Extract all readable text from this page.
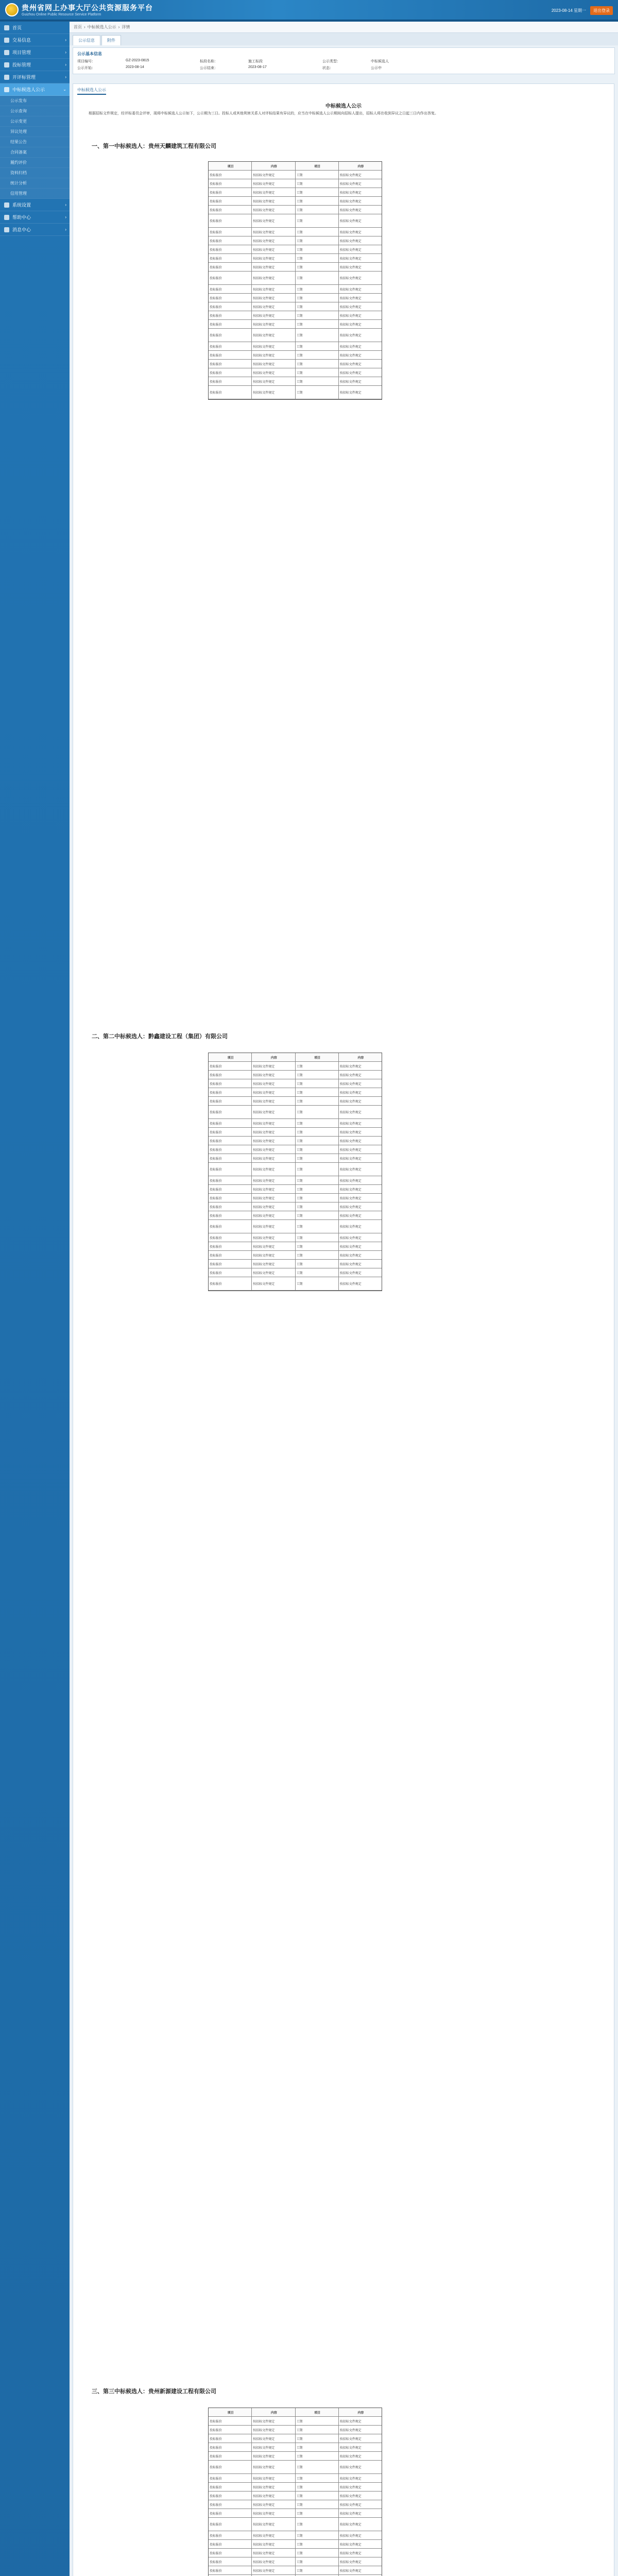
贵州省网上办事大厅公共资源服务平台
Guizhou Online Public Resource Service Platform
2023-08-14 星期一	退出登录
首页
交易信息	›
项目管理	›
投标管理	›
开评标管理	›
中标候选人公示	⌄
公示发布
公示查询
公示变更
异议处理
结果公告
合同备案
履约评价
资料归档
统计分析
信用管理
系统设置	›
帮助中心	›
消息中心	›
首页 › 中标候选人公示 › 详情
公示信息	附件
公示基本信息
项目编号：	GZ-2023-0815	标段名称：	施工标段	公示类型：	中标候选人
公示开始：	2023-08-14	公示结束：	2023-08-17	状态：	公示中
中标候选人公示
中标候选人公示
根据招标文件规定，经评标委员会评审，现将中标候选人公示如下，公示期为三日。投标人或其他利害关系人对评标结果有异议的，应当在中标候选人公示期间向招标人提出，招标人将在收到异议之日起三日内作出答复。
一、第一中标候选人：贵州天麟建筑工程有限公司
二、第二中标候选人：黔鑫建设工程（集团）有限公司
三、第三中标候选人：贵州新源建设工程有限公司
项目	内容	项目	内容
投标报价	按招标文件规定	工期	按招标文件规定
投标报价	按招标文件规定	工期	按招标文件规定
投标报价	按招标文件规定	工期	按招标文件规定
投标报价	按招标文件规定	工期	按招标文件规定
投标报价	按招标文件规定	工期	按招标文件规定
投标报价	按招标文件规定	工期	按招标文件规定
投标报价	按招标文件规定	工期	按招标文件规定
投标报价	按招标文件规定	工期	按招标文件规定
投标报价	按招标文件规定	工期	按招标文件规定
投标报价	按招标文件规定	工期	按招标文件规定
投标报价	按招标文件规定	工期	按招标文件规定
投标报价	按招标文件规定	工期	按招标文件规定
投标报价	按招标文件规定	工期	按招标文件规定
投标报价	按招标文件规定	工期	按招标文件规定
投标报价	按招标文件规定	工期	按招标文件规定
投标报价	按招标文件规定	工期	按招标文件规定
投标报价	按招标文件规定	工期	按招标文件规定
投标报价	按招标文件规定	工期	按招标文件规定
投标报价	按招标文件规定	工期	按招标文件规定
投标报价	按招标文件规定	工期	按招标文件规定
投标报价	按招标文件规定	工期	按招标文件规定
投标报价	按招标文件规定	工期	按招标文件规定
投标报价	按招标文件规定	工期	按招标文件规定
投标报价	按招标文件规定	工期	按招标文件规定
项目	内容	项目	内容
投标报价	按招标文件规定	工期	按招标文件规定
投标报价	按招标文件规定	工期	按招标文件规定
投标报价	按招标文件规定	工期	按招标文件规定
投标报价	按招标文件规定	工期	按招标文件规定
投标报价	按招标文件规定	工期	按招标文件规定
投标报价	按招标文件规定	工期	按招标文件规定
投标报价	按招标文件规定	工期	按招标文件规定
投标报价	按招标文件规定	工期	按招标文件规定
投标报价	按招标文件规定	工期	按招标文件规定
投标报价	按招标文件规定	工期	按招标文件规定
投标报价	按招标文件规定	工期	按招标文件规定
投标报价	按招标文件规定	工期	按招标文件规定
投标报价	按招标文件规定	工期	按招标文件规定
投标报价	按招标文件规定	工期	按招标文件规定
投标报价	按招标文件规定	工期	按招标文件规定
投标报价	按招标文件规定	工期	按招标文件规定
投标报价	按招标文件规定	工期	按招标文件规定
投标报价	按招标文件规定	工期	按招标文件规定
投标报价	按招标文件规定	工期	按招标文件规定
投标报价	按招标文件规定	工期	按招标文件规定
投标报价	按招标文件规定	工期	按招标文件规定
投标报价	按招标文件规定	工期	按招标文件规定
投标报价	按招标文件规定	工期	按招标文件规定
投标报价	按招标文件规定	工期	按招标文件规定
项目	内容	项目	内容
投标报价	按招标文件规定	工期	按招标文件规定
投标报价	按招标文件规定	工期	按招标文件规定
投标报价	按招标文件规定	工期	按招标文件规定
投标报价	按招标文件规定	工期	按招标文件规定
投标报价	按招标文件规定	工期	按招标文件规定
投标报价	按招标文件规定	工期	按招标文件规定
投标报价	按招标文件规定	工期	按招标文件规定
投标报价	按招标文件规定	工期	按招标文件规定
投标报价	按招标文件规定	工期	按招标文件规定
投标报价	按招标文件规定	工期	按招标文件规定
投标报价	按招标文件规定	工期	按招标文件规定
投标报价	按招标文件规定	工期	按招标文件规定
投标报价	按招标文件规定	工期	按招标文件规定
投标报价	按招标文件规定	工期	按招标文件规定
投标报价	按招标文件规定	工期	按招标文件规定
投标报价	按招标文件规定	工期	按招标文件规定
投标报价	按招标文件规定	工期	按招标文件规定
